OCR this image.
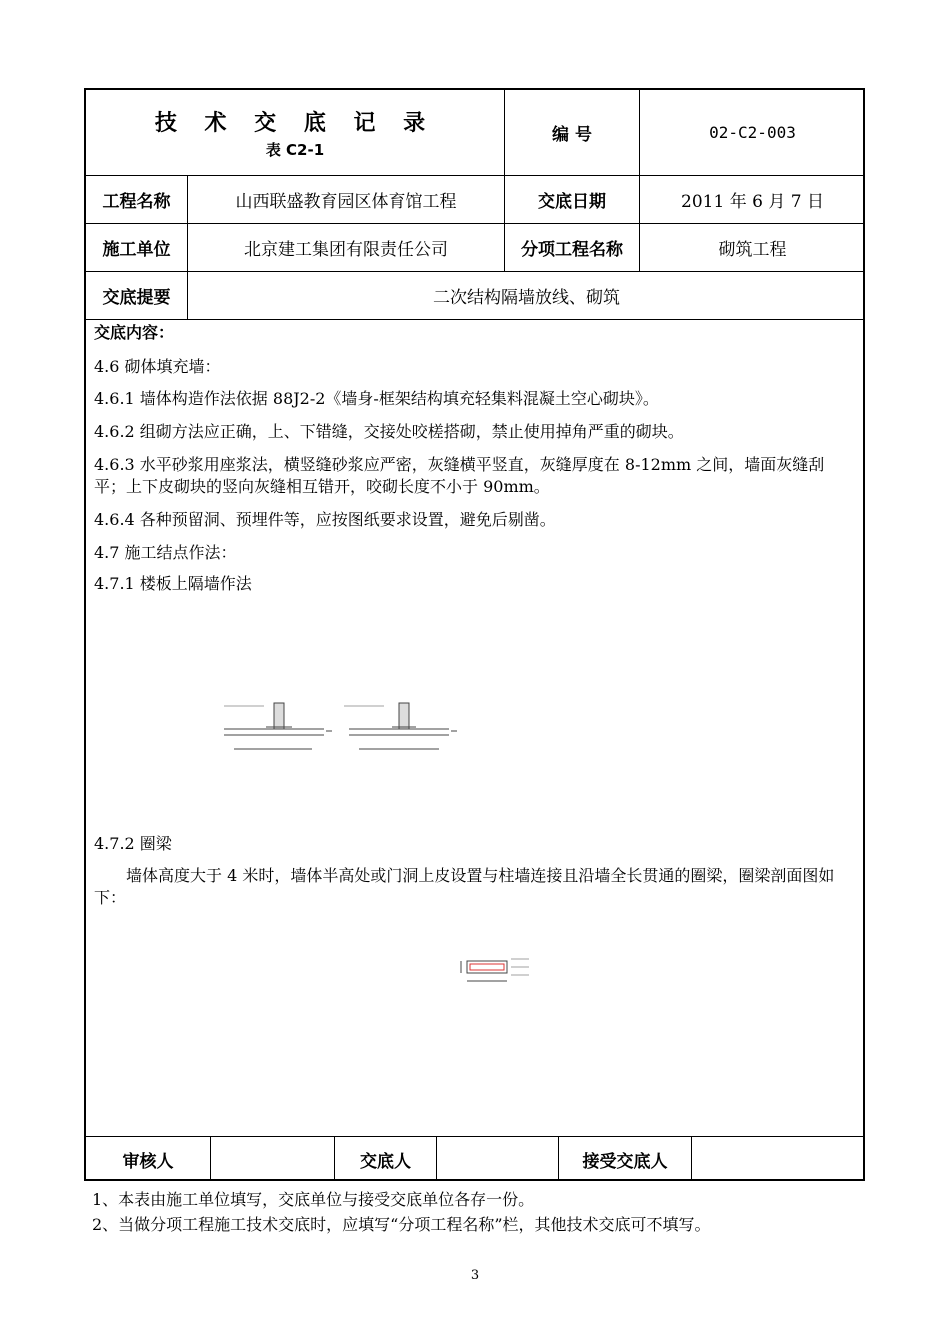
技 术 交 底 记 录
表 C2-1
编 号	02-C2-003
工程名称	山西联盛教育园区体育馆工程	交底日期	2011 年 6 月 7 日
施工单位	北京建工集团有限责任公司	分项工程名称	砌筑工程
交底提要	二次结构隔墙放线、砌筑
交底内容：
4.6 砌体填充墙：
4.6.1 墙体构造作法依据 88J2-2《墙身-框架结构填充轻集料混凝土空心砌块》。
4.6.2 组砌方法应正确，上、下错缝，交接处咬槎搭砌，禁止使用掉角严重的砌块。
4.6.3 水平砂浆用座浆法，横竖缝砂浆应严密，灰缝横平竖直，灰缝厚度在 8-12mm 之间，墙面灰缝刮平；上下皮砌块的竖向灰缝相互错开，咬砌长度不小于 90mm。
4.6.4 各种预留洞、预埋件等，应按图纸要求设置，避免后剔凿。
4.7 施工结点作法：
4.7.1 楼板上隔墙作法
4.7.2 圈梁
墙体高度大于 4 米时，墙体半高处或门洞上皮设置与柱墙连接且沿墙全长贯通的圈梁，圈梁剖面图如下：
审核人	交底人	接受交底人
1、本表由施工单位填写，交底单位与接受交底单位各存一份。
2、当做分项工程施工技术交底时，应填写“分项工程名称”栏，其他技术交底可不填写。
3
